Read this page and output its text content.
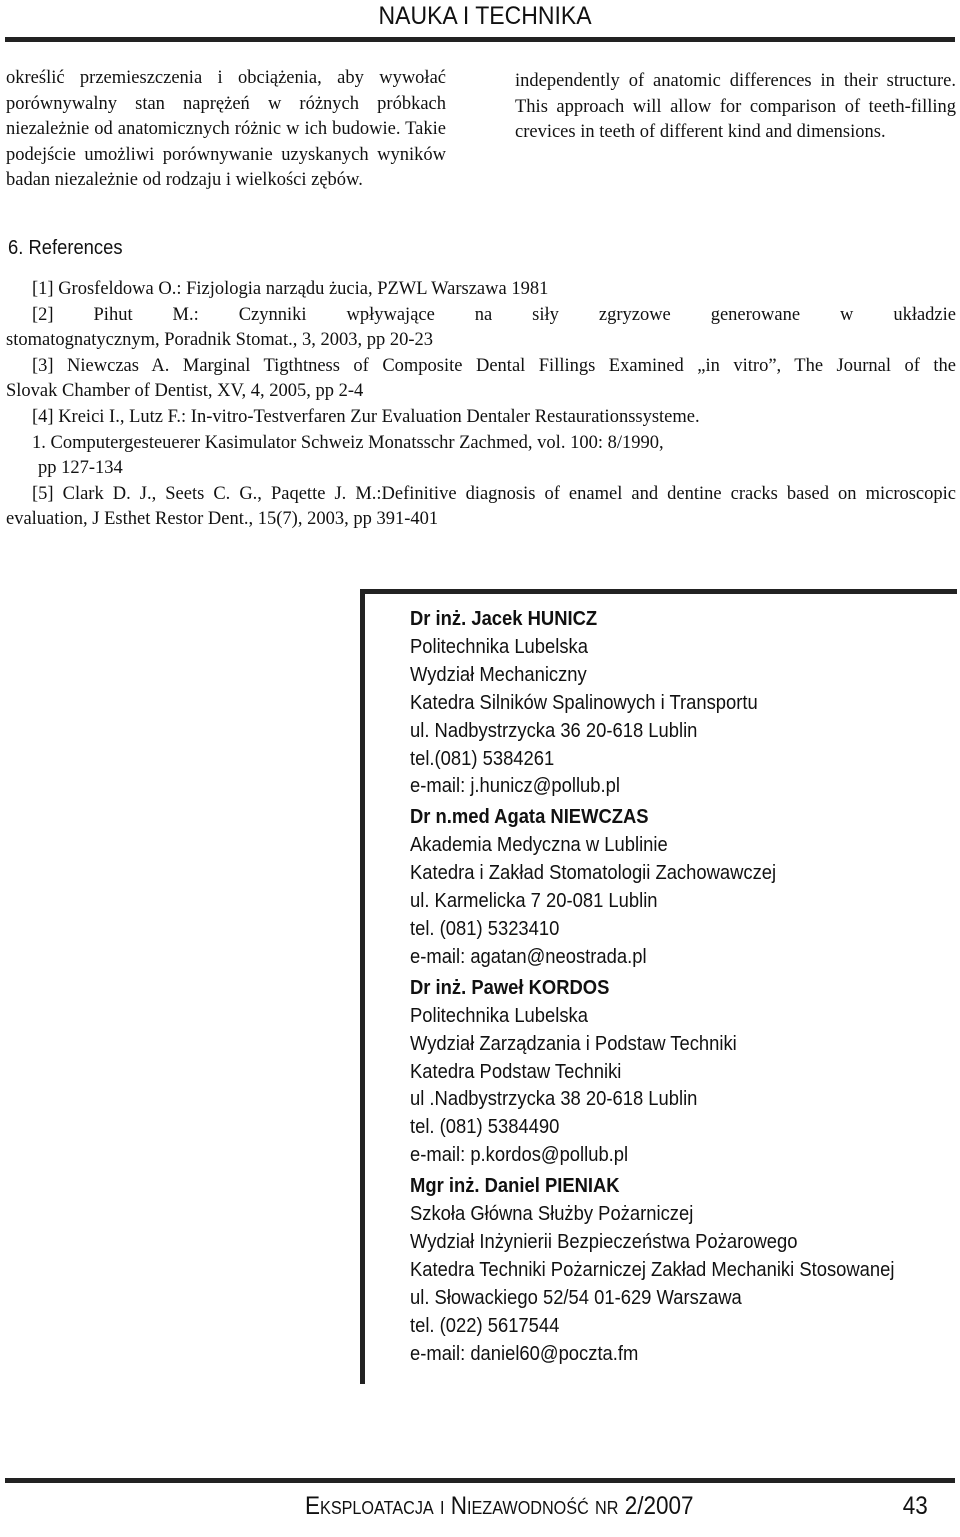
NAUKA I TECHNIKA
określić przemieszczenia i obciążenia, aby wywołać porównywalny stan naprężeń w różnych próbkach niezależnie od anatomicznych różnic w ich budowie. Takie podejście umożliwi porównywanie uzyskanych wyników badan niezależnie od rodzaju i wielkości zębów.
independently of anatomic differences in their structure. This approach will allow for comparison of teeth-filling crevices in teeth of different kind and dimensions.
6. References
[1] Grosfeldowa O.: Fizjologia narządu żucia, PZWL Warszawa 1981
[2] Pihut M.: Czynniki wpływające na siły zgryzowe generowane w układzie
stomatognatycznym, Poradnik Stomat., 3, 2003, pp 20-23
[3] Niewczas A. Marginal Tigthtness of Composite Dental Fillings Examined „in vitro”, The Journal of the
Slovak Chamber of Dentist, XV, 4, 2005, pp 2-4
[4] Kreici I., Lutz F.: In-vitro-Testverfaren Zur Evaluation Dentaler Restaurationssysteme.
1. Computergesteuerer Kasimulator Schweiz Monatsschr Zachmed, vol. 100: 8/1990,
pp 127-134
[5] Clark D. J., Seets C. G., Paqette J. M.:Definitive diagnosis of enamel and dentine cracks based on microscopic
evaluation, J Esthet Restor Dent., 15(7), 2003, pp 391-401
Dr inż. Jacek HUNICZ
Politechnika Lubelska
Wydział Mechaniczny
Katedra Silników Spalinowych i Transportu
ul. Nadbystrzycka 36 20-618 Lublin
tel.(081) 5384261
e-mail: j.hunicz@pollub.pl
Dr n.med Agata NIEWCZAS
Akademia Medyczna w Lublinie
Katedra i Zakład Stomatologii Zachowawczej
ul. Karmelicka 7 20-081 Lublin
tel. (081) 5323410
e-mail: agatan@neostrada.pl
Dr inż. Paweł KORDOS
Politechnika Lubelska
Wydział Zarządzania i Podstaw Techniki
Katedra Podstaw Techniki
ul .Nadbystrzycka 38 20-618 Lublin
tel. (081) 5384490
e-mail: p.kordos@pollub.pl
Mgr inż. Daniel PIENIAK
Szkoła Główna Służby Pożarniczej
Wydział Inżynierii Bezpieczeństwa Pożarowego
Katedra Techniki Pożarniczej Zakład Mechaniki Stosowanej
ul. Słowackiego 52/54 01-629 Warszawa
tel. (022) 5617544
e-mail: daniel60@poczta.fm
Eksploatacja i Niezawodność nr 2/2007	43
